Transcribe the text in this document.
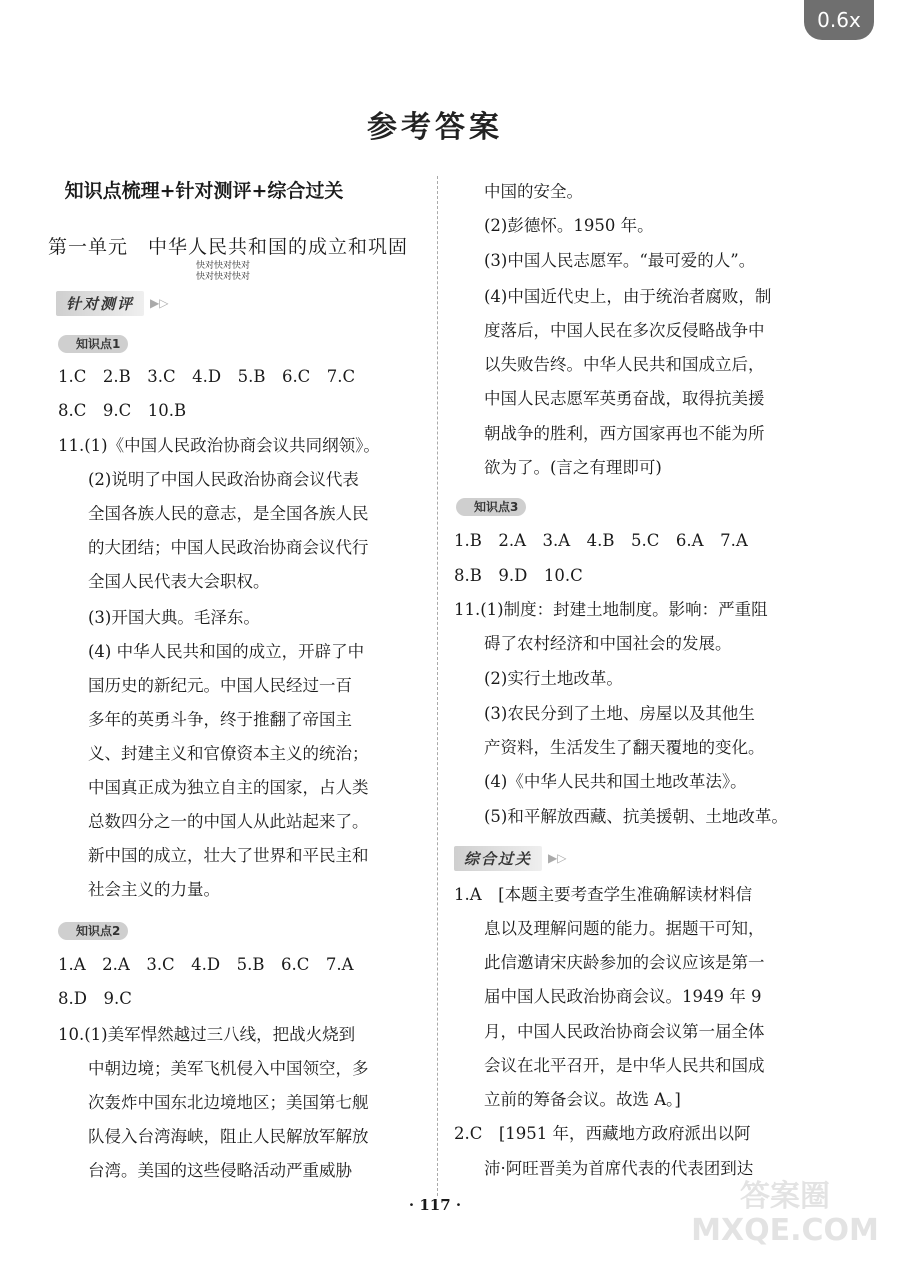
0.6x
参考答案
知识点梳理+针对测评+综合过关
第一单元　中华人民共和国的成立和巩固
快对快对快对
快对快对快对
针对测评	▶▷
知识点1
1.C　2.B　3.C　4.D　5.B　6.C　7.C
8.C　9.C　10.B
11.(1)《中国人民政治协商会议共同纲领》。
(2)说明了中国人民政治协商会议代表
全国各族人民的意志，是全国各族人民
的大团结；中国人民政治协商会议代行
全国人民代表大会职权。
(3)开国大典。毛泽东。
(4) 中华人民共和国的成立，开辟了中
国历史的新纪元。中国人民经过一百
多年的英勇斗争，终于推翻了帝国主
义、封建主义和官僚资本主义的统治；
中国真正成为独立自主的国家，占人类
总数四分之一的中国人从此站起来了。
新中国的成立，壮大了世界和平民主和
社会主义的力量。
知识点2
1.A　2.A　3.C　4.D　5.B　6.C　7.A
8.D　9.C
10.(1)美军悍然越过三八线，把战火烧到
中朝边境；美军飞机侵入中国领空，多
次轰炸中国东北边境地区；美国第七舰
队侵入台湾海峡，阻止人民解放军解放
台湾。美国的这些侵略活动严重威胁
中国的安全。
(2)彭德怀。1950 年。
(3)中国人民志愿军。“最可爱的人”。
(4)中国近代史上，由于统治者腐败，制
度落后，中国人民在多次反侵略战争中
以失败告终。中华人民共和国成立后，
中国人民志愿军英勇奋战，取得抗美援
朝战争的胜利，西方国家再也不能为所
欲为了。(言之有理即可)
知识点3
1.B　2.A　3.A　4.B　5.C　6.A　7.A
8.B　9.D　10.C
11.(1)制度：封建土地制度。影响：严重阻
碍了农村经济和中国社会的发展。
(2)实行土地改革。
(3)农民分到了土地、房屋以及其他生
产资料，生活发生了翻天覆地的变化。
(4)《中华人民共和国土地改革法》。
(5)和平解放西藏、抗美援朝、土地改革。
综合过关	▶▷
1.A　[本题主要考查学生准确解读材料信
息以及理解问题的能力。据题干可知，
此信邀请宋庆龄参加的会议应该是第一
届中国人民政治协商会议。1949 年 9
月，中国人民政治协商会议第一届全体
会议在北平召开，是中华人民共和国成
立前的筹备会议。故选 A。]
2.C　[1951 年，西藏地方政府派出以阿
沛·阿旺晋美为首席代表的代表团到达
· 117 ·	答案圈 MXQE.COM
